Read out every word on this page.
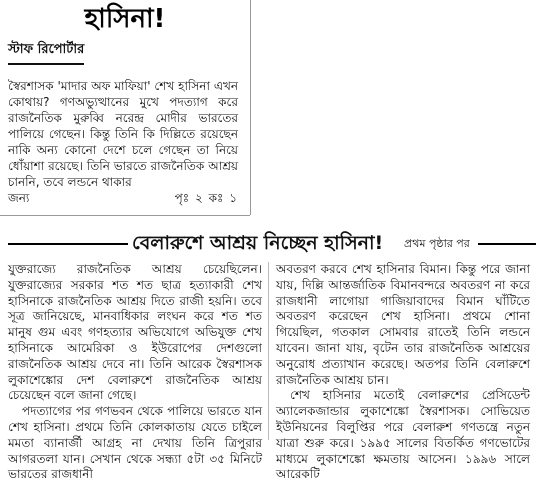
হাসিনা!
স্টাফ রিপোর্টার

স্বৈরশাসক 'মাদার অফ মাফিয়া' শেখ হাসিনা এখন কোথায়? গণঅভ্যুত্থানের মুখে পদত্যাগ করে রাজনৈতিক মুরুব্বি নরেন্দ্র মোদীর ভারতের পালিয়ে গেছেন। কিন্তু তিনি কি দিল্লিতে রয়েছেন নাকি অন্য কোনো দেশে চলে গেছেন তা নিয়ে ধোঁয়াশা রয়েছে। তিনি ভারতে রাজনৈতিক আশ্রয় চাননি, তবে লন্ডনে থাকার

জন্য	পৃঃ ২ কঃ ১
বেলারুশে আশ্রয় নিচ্ছেন হাসিনা! প্রথম পৃষ্ঠার পর

যুক্তরাজ্যে রাজনৈতিক আশ্রয় চেয়েছিলেন। যুক্তরাজ্যের সরকার শত শত ছাত্র হত্যাকারী শেখ হাসিনাকে রাজনৈতিক আশ্রয় দিতে রাজী হয়নি। তবে সূত্র জানিয়েছে, মানবাধিকার লংঘন করে শত শত মানুষ গুম এবং গণহত্যার অভিযোগে অভিযুক্ত শেখ হাসিনাকে আমেরিকা ও ইউরোপের দেশগুলো রাজনৈতিক আশ্রয় দেবে না। তিনি আরেক স্বৈরশাসক লুকাশেঙ্কোর দেশ বেলারুশে রাজনৈতিক আশ্রয় চেয়েছেন বলে জানা গেছে।

পদত্যাগের পর গণভবন থেকে পালিয়ে ভারতে যান শেখ হাসিনা। প্রথমে তিনি কোলকাতায় যেতে চাইলে মমতা ব্যানার্জী আগ্রহ না দেখায় তিনি ত্রিপুরার আগরতলা যান। সেখান থেকে সন্ধ্যা ৫টা ৩৫ মিনিটে ভারতের রাজধানী

অবতরণ করবে শেখ হাসিনার বিমান। কিন্তু পরে জানা যায়, দিল্লি আন্তর্জাতিক বিমানবন্দরে অবতরণ না করে রাজধানী লাগোয়া গাজিয়াবাদের বিমান ঘাঁটিতে অবতরণ করেছেন শেখ হাসিনা। প্রথমে শোনা গিয়েছিল, গতকাল সোমবার রাতেই তিনি লন্ডনে যাবেন। জানা যায়, বৃটেন তার রাজনৈতিক আশ্রয়ের অনুরোধ প্রত্যাখান করেছে। অতপর তিনি বেলারুশে রাজনৈতিক আশ্রয় চান।

শেখ হাসিনার মতোই বেলারুশের প্রেসিডেন্ট অ্যালেকজান্ডার লুকাশেঙ্কো স্বৈরশাসক। সোভিয়েত ইউনিয়নের বিলুপ্তির পরে বেলারুশ গণতন্ত্রে নতুন যাত্রা শুরু করে। ১৯৯৫ সালের বিতর্কিত গণভোটের মাধ্যমে লুকাশেঙ্কো ক্ষমতায় আসেন। ১৯৯৬ সালে আরেকটি
